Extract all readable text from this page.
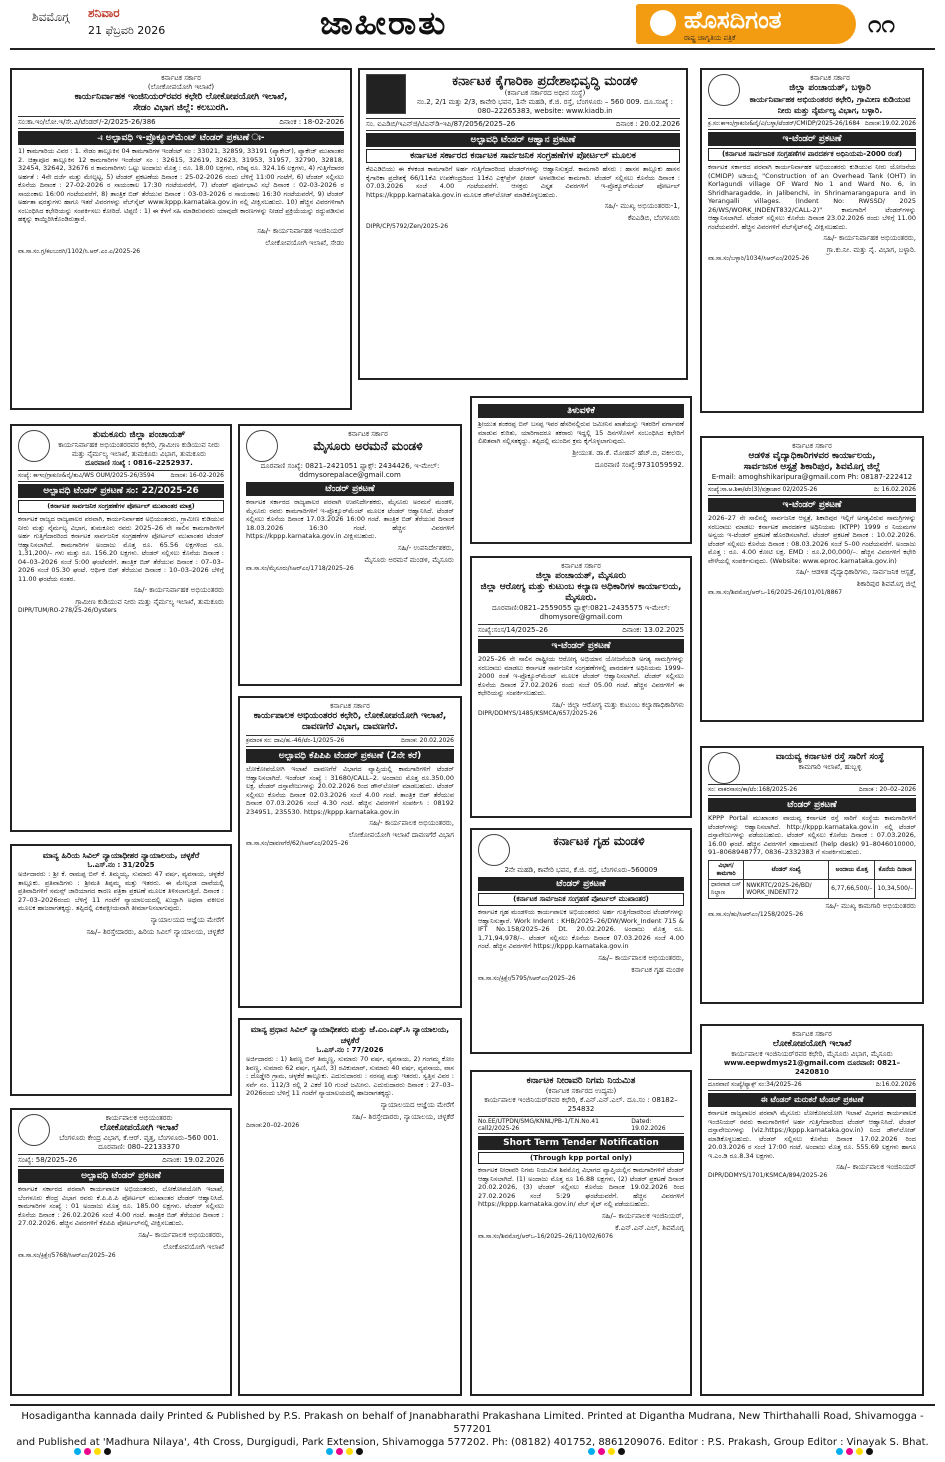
ಶಿವಮೊಗ್ಗ ಶನಿವಾರ
21 ಫೆಬ್ರವರಿ 2026	ಜಾಹೀರಾತು	ಹೊಸದಿಗಂತ
ರಾಷ್ಟ್ರ ಜಾಗೃತಿಯ ಪತ್ರಿಕೆ	೧೧
ಕರ್ನಾಟಕ ಸರ್ಕಾರ
(ಲೋಕೋಪಯೋಗಿ ಇಲಾಖೆ)
ಕಾರ್ಯನಿರ್ವಾಹಕ ಇಂಜಿನಿಯರ್‌ರವರ ಕಛೇರಿ ಲೋಕೋಪಯೋಗಿ ಇಲಾಖೆ,
ಸೇಡಂ ವಿಭಾಗ ಜಿಲ್ಲೆ: ಕಲಬುರಗಿ.
ಸಂ:ಕಾ.ಇಂ/ಲೋ.ಇ/ಸೇ.ವಿ/ಟೆಂಡರ್/‌-2/2025-26/386	ದಿನಾಂಕ : 18-02-2026
-ಃ ಅಲ್ಪಾವಧಿ ಇ-ಪ್ರೊಕ್ಯೂರ್‌ಮೆಂಟ್ ಟೆಂಡರ್ ಪ್ರಕಟಣೆ ಃ-
1) ಕಾಮಗಾರಿಯ ವಿವರ : 1. ಸೇಡಂ ತಾಲ್ಲೂಕಿನ 04 ಕಾಮಗಾರಿಗಳ ಇಂಡೆಂಟ್ ಸಂ : 33021, 32859, 33191 (ಪ್ಯಾಕೇಜ್), ಪ್ಯಾಕೇಜ್ ಮುಖಾಂತರ 2. ಚಿತ್ತಾಪೂರ ತಾಲ್ಲೂಕಿನ 12 ಕಾಮಗಾರಿಗಳ ಇಂಡೆಂಟ್ ಸಂ : 32615, 32619, 32623, 31953, 31957, 32790, 32818, 32454, 32642, 32676 ರ ಕಾಮಗಾರಿಗಳು ಒಟ್ಟು ಅಂದಾಜು ಮೊತ್ತ : ರೂ. 18.00 ಲಕ್ಷಗಳು, ಗರಿಷ್ಠ ರೂ. 324.16 ಲಕ್ಷಗಳು, 4) ಗುತ್ತಿಗೆದಾರರ ಅರ್ಹತೆ : 4ನೇ ದರ್ಜೆ ಮತ್ತು ಮೇಲ್ಪಟ್ಟ, 5) ಟೆಂಡರ್ ಪ್ರಕಟಣೆಯ ದಿನಾಂಕ : 25-02-2026 ರಂದು ಬೆಳಿಗ್ಗೆ 11:00 ಗಂಟೆಗೆ, 6) ಟೆಂಡರ್ ಸಲ್ಲಿಸಲು ಕೊನೆಯ ದಿನಾಂಕ : 27-02-2026 ರ ಸಾಯಂಕಾಲ 17:30 ಗಂಟೆಯವರೆಗೆ, 7) ಟೆಂಡರ್ ಪೂರ್ವಭಾವಿ ಸಭೆ ದಿನಾಂಕ : 02-03-2026 ರ ಸಾಯಂಕಾಲ 16:00 ಗಂಟೆಯವರೆಗೆ, 8) ತಾಂತ್ರಿಕ ಬಿಡ್ ತೆರೆಯುವ ದಿನಾಂಕ : 03-03-2026 ರ ಸಾಯಂಕಾಲ 16:30 ಗಂಟೆಯವರೆಗೆ, 9) ಟೆಂಡರ್ ಅರ್ಹತಾ ಷರತ್ತುಗಳು ಹಾಗೂ ಇತರೆ ವಿವರಗಳನ್ನು ವೆಬ್‌ಸೈಟ್ www.kppp.karnataka.gov.in ನಲ್ಲಿ ವೀಕ್ಷಿಸಬಹುದು. 10) ಹೆಚ್ಚಿನ ವಿವರಗಳಿಗಾಗಿ ಸಂಬಂಧಿಸಿದ ಕಛೇರಿಯನ್ನು ಸಂಪರ್ಕಿಸಲು ಕೋರಿದೆ. ಟಿಪ್ಪಣಿ : 1) ಈ ಕೆಳಗೆ ಸಹಿ ಮಾಡಿರುವವರು ಯಾವುದೇ ಕಾರಣಗಳನ್ನು ನೀಡದೆ ಪ್ರಕ್ರಿಯೆಯನ್ನು ರದ್ದುಪಡಿಸುವ ಹಕ್ಕನ್ನು ಕಾಯ್ದಿರಿಸಿಕೊಂಡಿರುತ್ತಾರೆ.
ಸಹಿ/- ಕಾರ್ಯನಿರ್ವಾಹಕ ಇಂಜಿನಿಯರ್
ಲೋಕೋಪಯೋಗಿ ಇಲಾಖೆ, ಸೇಡಂ
ವಾ.ಸಾ.ಸಂ.ಗ್ರ/ಕಲಬುರಗಿ/1102/ಸಿ.ಆರ್.ಎಂ.ಎ/2025-26
ಕರ್ನಾಟಕ ಕೈಗಾರಿಕಾ ಪ್ರದೇಶಾಭಿವೃದ್ಧಿ ಮಂಡಳಿ
(ಕರ್ನಾಟಕ ಸರ್ಕಾರದ ಅಧೀನ ಸಂಸ್ಥೆ)
ನಂ.2, 2/1 ಮತ್ತು 2/3, ಕಾವೇರಿ ಭವನ, 1ನೇ ಮಹಡಿ, ಕೆ.ಜಿ. ರಸ್ತೆ, ಬೆಂಗಳೂರು – 560 009. ದೂ.ಸಂಖ್ಯೆ : 080–22265383, website: www.kiadb.in
ಸಂ. ಐಎಡಿಬಿ/ಇಎನ್‌ಜಿ/ಟಿಎನ್‌ಡಿ-ಇಪಿ/87/2056/2025–26	ದಿನಾಂಕ : 20.02.2026
ಅಲ್ಪಾವಧಿ ಟೆಂಡರ್ ಆಹ್ವಾನ ಪ್ರಕಟಣೆ
ಕರ್ನಾಟಕ ಸರ್ಕಾರದ ಕರ್ನಾಟಕ ಸಾರ್ವಜನಿಕ ಸಂಗ್ರಹಣೆಗಳ ಪೋರ್ಟಲ್ ಮೂಲಕ
ಕೆಐಎಡಿಬಿಯು ಈ ಕೆಳಕಂಡ ಕಾಮಗಾರಿಗೆ ಅರ್ಹ ಗುತ್ತಿಗೆದಾರರಿಂದ ಟೆಂಡರ್‌ಗಳನ್ನು ಆಹ್ವಾನಿಸುತ್ತದೆ. ಕಾಮಗಾರಿ ಹೆಸರು : ಹಾಸನ ತಾಲ್ಲೂಕು ಹಾಸನ ಕೈಗಾರಿಕಾ ಪ್ರದೇಶಕ್ಕೆ 66/11ಕೆವಿ ಉಪಕೇಂದ್ರದಿಂದ 11ಕೆವಿ ಎಕ್ಸ್‌ಪ್ರೆಸ್ ಫೀಡರ್ ಅಳವಡಿಸುವ ಕಾಮಗಾರಿ. ಟೆಂಡರ್ ಸಲ್ಲಿಸಲು ಕೊನೆಯ ದಿನಾಂಕ : 07.03.2026 ಸಂಜೆ 4.00 ಗಂಟೆಯವರೆಗೆ. ಆಸಕ್ತರು ವಿಸ್ತೃತ ವಿವರಗಳಿಗೆ ಇ-ಪ್ರೊಕ್ಯೂರ್‌ಮೆಂಟ್ ಪೋರ್ಟಲ್ https://kppp.karnataka.gov.in ಮೂಲಕ ಡೌನ್‌ಲೋಡ್ ಮಾಡಿಕೊಳ್ಳಬಹುದು.
ಸಹಿ/- ಮುಖ್ಯ ಅಭಿಯಂತರರು-1,
ಕೆಐಎಡಿಬಿ, ಬೆಂಗಳೂರು
DIPR/CP/5792/Zen/2025-26
ಕರ್ನಾಟಕ ಸರ್ಕಾರ
ಜಿಲ್ಲಾ ಪಂಚಾಯತ್, ಬಳ್ಳಾರಿ
ಕಾರ್ಯನಿರ್ವಾಹಕ ಅಭಿಯಂತರರ ಕಛೇರಿ, ಗ್ರಾಮೀಣ ಕುಡಿಯುವ ನೀರು ಮತ್ತು ನೈರ್ಮಲ್ಯ ವಿಭಾಗ, ಬಳ್ಳಾರಿ.
ಕ್ರ.ಸಂ:ಕಾಇಂ/ಗ್ರಾಕುನೀ&ನೈ/ವಿ/ಬಳ್ಳಾ/ಟೆಂಡರ್/CMIDP/2025-26/1684 ದಿನಾಂಕ:19.02.2026
ಇ-ಟೆಂಡರ್ ಪ್ರಕಟಣೆ
(ಕರ್ನಾಟಕ ಸಾರ್ವಜನಿಕ ಸಂಗ್ರಹಣೆಗಳ ಪಾರದರ್ಶಕ ಅಧಿನಿಯಮ-2000 ರಂತೆ)
ಕರ್ನಾಟಕ ಸರ್ಕಾರದ ಪರವಾಗಿ ಕಾರ್ಯನಿರ್ವಾಹಕ ಅಭಿಯಂತರರು ಕುಡಿಯುವ ನೀರು ಯೋಜನೆಯ (CMIDP) ಅಡಿಯಲ್ಲಿ "Construction of an Overhead Tank (OHT) in Korlagundi village OF Ward No 1 and Ward No. 6, in Shridharagadde, in Jalibenchi, in Shrinamarangapura and in Yerangalli villages. (Indent No: RWSSD/ 2025 26/WS/WORK_INDENT832/CALL-2)" ಕಾಮಗಾರಿಗೆ ಟೆಂಡರ್‌ಗಳನ್ನು ಆಹ್ವಾನಿಸಲಾಗಿದೆ. ಟೆಂಡರ್ ಸಲ್ಲಿಸಲು ಕೊನೆಯ ದಿನಾಂಕ 23.02.2026 ರಂದು ಬೆಳಿಗ್ಗೆ 11.00 ಗಂಟೆಯವರೆಗೆ. ಹೆಚ್ಚಿನ ವಿವರಗಳಿಗೆ ವೆಬ್‌ಸೈಟ್‌ನಲ್ಲಿ ವೀಕ್ಷಿಸಬಹುದು.
ಸಹಿ/- ಕಾರ್ಯನಿರ್ವಾಹಕ ಅಭಿಯಂತರರು,
ಗ್ರಾ.ಕು.ನೀ. ಮತ್ತು ನೈ. ವಿಭಾಗ, ಬಳ್ಳಾರಿ.
ವಾ.ಸಾ.ಸಂ/ಬಳ್ಳಾರಿ/1034/ಸಿಆರ್‌ಎಂ/2025-26
ತುಮಕೂರು ಜಿಲ್ಲಾ ಪಂಚಾಯತ್
ಕಾರ್ಯನಿರ್ವಾಹಕ ಅಭಿಯಂತರರವರ ಕಛೇರಿ, ಗ್ರಾಮೀಣ ಕುಡಿಯುವ ನೀರು ಮತ್ತು ನೈರ್ಮಲ್ಯ ಇಲಾಖೆ, ತುಮಕೂರು ವಿಭಾಗ, ತುಮಕೂರು
ದೂರವಾಣಿ ಸಂಖ್ಯೆ : 0816–2252937.
ಸಂಖ್ಯೆ: ಕಾಇಂ/ಗ್ರಾಕುನೀ&ನೈ/ತುವಿ/WS OUM/2025-26/3594	ದಿನಾಂಕ: 16-02-2026
ಅಲ್ಪಾವಧಿ ಟೆಂಡರ್ ಪ್ರಕಟಣೆ ಸಂ: 22/2025-26
(ಕರ್ನಾಟಕ ಸಾರ್ವಜನಿಕ ಸಂಗ್ರಹಣೆಗಳ ಪೋರ್ಟಲ್ ಮುಖಾಂತರ ಮಾತ್ರ)
ಕರ್ನಾಟಕ ರಾಜ್ಯದ ರಾಜ್ಯಪಾಲರ ಪರವಾಗಿ, ಕಾರ್ಯನಿರ್ವಾಹಕ ಅಭಿಯಂತರರು, ಗ್ರಾಮೀಣ ಕುಡಿಯುವ ನೀರು ಮತ್ತು ನೈರ್ಮಲ್ಯ ವಿಭಾಗ, ತುಮಕೂರು ರವರು 2025–26 ನೇ ಸಾಲಿನ ಕಾಮಗಾರಿಗಳಿಗೆ ಅರ್ಹ ಗುತ್ತಿಗೆದಾರರಿಂದ ಕರ್ನಾಟಕ ಸಾರ್ವಜನಿಕ ಸಂಗ್ರಹಣೆಗಳ ಪೋರ್ಟಲ್ ಮುಖಾಂತರ ಟೆಂಡರ್ ಆಹ್ವಾನಿಸಲಾಗಿದೆ. ಕಾಮಗಾರಿಗಳ ಅಂದಾಜು ಮೊತ್ತ ರೂ. 65.56 ಲಕ್ಷಗಳಿಂದ ರೂ. 1,31,200/– ಗಳು ಮತ್ತು ರೂ. 156.20 ಲಕ್ಷಗಳು. ಟೆಂಡರ್ ಸಲ್ಲಿಸಲು ಕೊನೆಯ ದಿನಾಂಕ : 04–03–2026 ಸಂಜೆ 5:00 ಘಂಟೆವರೆಗೆ. ತಾಂತ್ರಿಕ ಬಿಡ್ ತೆರೆಯುವ ದಿನಾಂಕ : 07–03–2026 ಸಂಜೆ 05.30 ಘಂಟೆ. ಆರ್ಥಿಕ ಬಿಡ್ ತೆರೆಯುವ ದಿನಾಂಕ : 10–03–2026 ಬೆಳಿಗ್ಗೆ 11.00 ಘಂಟೆಯ ನಂತರ.
ಸಹಿ/- ಕಾರ್ಯನಿರ್ವಾಹಕ ಅಭಿಯಂತರರು
ಗ್ರಾಮೀಣ ಕುಡಿಯುವ ನೀರು ಮತ್ತು ನೈರ್ಮಲ್ಯ ಇಲಾಖೆ, ತುಮಕೂರು
DIPR/TUM/RO-278/25-26/Oysters
ಕರ್ನಾಟಕ ಸರ್ಕಾರ
ಮೈಸೂರು ಅರಮನೆ ಮಂಡಳಿ
ದೂರವಾಣಿ ಸಂಖ್ಯೆ: 0821–2421051 ಫ್ಯಾಕ್ಸ್: 2434426, ಇ-ಮೇಲ್: ddmysorepalace@gmail.com
ಟೆಂಡರ್ ಪ್ರಕಟಣೆ
ಕರ್ನಾಟಕ ಸರ್ಕಾರದ ರಾಜ್ಯಪಾಲರ ಪರವಾಗಿ ಉಪನಿರ್ದೇಶಕರು, ಮೈಸೂರು ಅರಮನೆ ಮಂಡಳಿ, ಮೈಸೂರು ರವರು ಕಾಮಗಾರಿಗಳಿಗೆ ಇ-ಪ್ರೊಕ್ಯೂರ್‌ಮೆಂಟ್ ಮೂಲಕ ಟೆಂಡರ್ ಆಹ್ವಾನಿಸಿದೆ. ಟೆಂಡರ್ ಸಲ್ಲಿಸಲು ಕೊನೆಯ ದಿನಾಂಕ 17.03.2026 16:00 ಗಂಟೆ. ತಾಂತ್ರಿಕ ಬಿಡ್ ತೆರೆಯುವ ದಿನಾಂಕ 18.03.2026 16:30 ಗಂಟೆ. ಹೆಚ್ಚಿನ ವಿವರಗಳಿಗೆ https://kppp.karnataka.gov.in ವೀಕ್ಷಿಸಬಹುದು.
ಸಹಿ/- ಉಪನಿರ್ದೇಶಕರು,
ಮೈಸೂರು ಅರಮನೆ ಮಂಡಳಿ, ಮೈಸೂರು
ವಾ.ಸಾ.ಸಂ/ಮೈಸೂರು/ಸಿಆರ್‌ಎಂ/1718/2025–26
ತಿಳುವಳಿಕೆ
ಶ್ರೀಯುತ ಶಂಕರಪ್ಪ ಬಿನ್ ಬಸಪ್ಪ ಇವರ ಹೆಸರಿನಲ್ಲಿರುವ ಜಮೀನಿನ ಖಾತೆಯನ್ನು ಇತರರಿಗೆ ವರ್ಗಾವಣೆ ಮಾಡುವ ಕುರಿತು, ಯಾರಿಗಾದರೂ ತಕರಾರು ಇದ್ದಲ್ಲಿ 15 ದಿನಗಳೊಳಗೆ ಸಂಬಂಧಿಸಿದ ಕಛೇರಿಗೆ ಲಿಖಿತವಾಗಿ ಸಲ್ಲಿಸತಕ್ಕದ್ದು. ತಪ್ಪಿದಲ್ಲಿ ಮುಂದಿನ ಕ್ರಮ ಕೈಗೊಳ್ಳಲಾಗುವುದು.
ಶ್ರೀಯುತ. ಡಾ.ಕೆ. ಮೋಹನ್ ಹೆಚ್.ಬಿ, ವಕೀಲರು,
ದೂರವಾಣಿ ಸಂಖ್ಯೆ:9731059592.
ಕರ್ನಾಟಕ ಸರ್ಕಾರ
ಆಡಳಿತ ವೈದ್ಯಾಧಿಕಾರಿಗಳವರ ಕಾರ್ಯಾಲಯ,
ಸಾರ್ವಜನಿಕ ಆಸ್ಪತ್ರೆ ಶಿಕಾರಿಪುರ, ಶಿವಮೊಗ್ಗ ಜಿಲ್ಲೆ
E-mail: amoghshikaripura@gmail.com Ph: 08187-222412
ಸಂಖ್ಯೆ:ಸಾ.ಆ.ಶಿಕಾ/ಟೆಂ(3)/ಪತ್ರಾಜಾರ 02/2025-26	ದಿ: 16.02.2026
ಇ-ಟೆಂಡರ್ ಪ್ರಕಟಣೆ
2026–27 ನೇ ಸಾಲಿನಲ್ಲಿ ಸಾರ್ವಜನಿಕ ಆಸ್ಪತ್ರೆ, ಶಿಕಾರಿಪುರ ಇಲ್ಲಿಗೆ ಅಗತ್ಯವಿರುವ ಸಾಮಗ್ರಿಗಳನ್ನು ಸರಬರಾಜು ಮಾಡಲು ಕರ್ನಾಟಕ ಪಾರದರ್ಶಕ ಅಧಿನಿಯಮ (KTPP) 1999 ರ ನಿಯಮಗಳ ಅನ್ವಯ ಇ-ಟೆಂಡರ್ ಪ್ರಕಟಣೆ ಹೊರಡಿಸಲಾಗಿದೆ. ಟೆಂಡರ್ ಪ್ರಕಟಣೆ ದಿನಾಂಕ : 10.02.2026. ಟೆಂಡರ್ ಸಲ್ಲಿಸಲು ಕೊನೆಯ ದಿನಾಂಕ : 08.03.2026 ಸಂಜೆ 5–00 ಗಂಟೆಯವರೆಗೆ. ಅಂದಾಜು ಮೊತ್ತ : ರೂ. 4.00 ಕೋಟಿ ಲಕ್ಷ. EMD : ರೂ.2,00,000/–. ಹೆಚ್ಚಿನ ವಿವರಗಳಿಗೆ ಕಛೇರಿ ವೇಳೆಯಲ್ಲಿ ಸಂಪರ್ಕಿಸುವುದು. (Website: www.eproc.karnataka.gov.in)
ಸಹಿ/- ಆಡಳಿತ ವೈದ್ಯಾಧಿಕಾರಿಗಳು, ಸಾರ್ವಜನಿಕ ಆಸ್ಪತ್ರೆ,
ಶಿಕಾರಿಪುರ ಶಿವಮೊಗ್ಗ ಜಿಲ್ಲೆ
ವಾ.ಸಾ.ಸಂ/ಶಿವಮೊಗ್ಗ/ಆರ್‌ಒ-16/2025-26/101/01/8867
ಕರ್ನಾಟಕ ಸರ್ಕಾರ
ಕಾರ್ಯಪಾಲಕ ಅಭಿಯಂತರರ ಕಛೇರಿ, ಲೋಕೋಪಯೋಗಿ ಇಲಾಖೆ, ದಾವಣಗೆರೆ ವಿಭಾಗ, ದಾವಣಗೆರೆ.
ಕ್ರಮಾಂಕ ಸಂ: ದಾವಿ/ಹ.-46/ಟೆಂ-1/2025–26	ದಿನಾಂಕ: 20.02.2026
ಅಲ್ಪಾವಧಿ ಕೆಪಿಪಿಪಿ ಟೆಂಡರ್ ಪ್ರಕಟಣೆ (2ನೇ ಕರೆ)
ಲೋಕೋಪಯೋಗಿ ಇಲಾಖೆ ದಾವಣಗೆರೆ ವಿಭಾಗದ ವ್ಯಾಪ್ತಿಯಲ್ಲಿ ಕಾಮಗಾರಿಗಳಿಗೆ ಟೆಂಡರ್ ಆಹ್ವಾನಿಸಲಾಗಿದೆ. ಇಂಡೆಂಟ್ ಸಂಖ್ಯೆ : 31680/CALL–2. ಅಂದಾಜು ಮೊತ್ತ ರೂ.350.00 ಲಕ್ಷ. ಟೆಂಡರ್ ದಸ್ತಾವೇಜುಗಳನ್ನು 20.02.2026 ರಿಂದ ಡೌನ್‌ಲೋಡ್ ಮಾಡಬಹುದು. ಟೆಂಡರ್ ಸಲ್ಲಿಸಲು ಕೊನೆಯ ದಿನಾಂಕ 02.03.2026 ಸಂಜೆ 4.00 ಗಂಟೆ. ತಾಂತ್ರಿಕ ಬಿಡ್ ತೆರೆಯುವ ದಿನಾಂಕ 07.03.2026 ಸಂಜೆ 4.30 ಗಂಟೆ. ಹೆಚ್ಚಿನ ವಿವರಗಳಿಗೆ ಸಂಪರ್ಕಿಸಿ : 08192 234951, 235530. https://kppp.karnataka.gov.in
ಸಹಿ/- ಕಾರ್ಯಪಾಲಕ ಅಭಿಯಂತರರು,
ಲೋಕೋಪಯೋಗಿ ಇಲಾಖೆ ದಾವಣಗೆರೆ ವಿಭಾಗ
ವಾ.ಸಾ.ಸಂ/ದಾವಣಗೆರೆ/62/ಸಿಆರ್‌ಎಂ/2025–26
ಕರ್ನಾಟಕ ಸರ್ಕಾರ
ಜಿಲ್ಲಾ ಪಂಚಾಯತ್, ಮೈಸೂರು
ಜಿಲ್ಲಾ ಆರೋಗ್ಯ ಮತ್ತು ಕುಟುಂಬ ಕಲ್ಯಾಣ ಅಧಿಕಾರಿಗಳ ಕಾರ್ಯಾಲಯ, ಮೈಸೂರು.
ದೂರವಾಣಿ:0821–2559055 ಫ್ಯಾಕ್ಸ್:0821–2435575 ಇ-ಮೇಲ್: dhomysore@gmail.com
ಸಂಖ್ಯೆ:ಸಂಸ/14/2025–26	ದಿನಾಂಕ: 13.02.2025
ಇ-ಟೆಂಡರ್ ಪ್ರಕಟಣೆ
2025–26 ನೇ ಸಾಲಿನ ರಾಷ್ಟ್ರೀಯ ಆರೋಗ್ಯ ಅಭಿಯಾನ ಯೋಜನೆಯಡಿ ಅಗತ್ಯ ಸಾಮಗ್ರಿಗಳನ್ನು ಸರಬರಾಜು ಮಾಡಲು ಕರ್ನಾಟಕ ಸಾರ್ವಜನಿಕ ಸಂಗ್ರಹಣೆಗಳಲ್ಲಿ ಪಾರದರ್ಶಕ ಅಧಿನಿಯಮ 1999–2000 ರಂತೆ ಇ-ಪ್ರೊಕ್ಯೂರ್‌ಮೆಂಟ್ ಮೂಲಕ ಟೆಂಡರ್ ಆಹ್ವಾನಿಸಲಾಗಿದೆ. ಟೆಂಡರ್ ಸಲ್ಲಿಸಲು ಕೊನೆಯ ದಿನಾಂಕ 27.02.2026 ರಂದು ಸಂಜೆ 05.00 ಗಂಟೆ. ಹೆಚ್ಚಿನ ವಿವರಗಳಿಗೆ ಈ ಕಛೇರಿಯನ್ನು ಸಂಪರ್ಕಿಸಬಹುದು.
ಸಹಿ/- ಜಿಲ್ಲಾ ಆರೋಗ್ಯ ಮತ್ತು ಕುಟುಂಬ ಕಲ್ಯಾಣಾಧಿಕಾರಿಗಳು
DIPR/DDMYS/1485/KSMCA/657/2025-26
ವಾಯವ್ಯ ಕರ್ನಾಟಕ ರಸ್ತೆ ಸಾರಿಗೆ ಸಂಸ್ಥೆ
ಕಾಮಗಾರಿ ಇಲಾಖೆ, ಹುಬ್ಬಳ್ಳಿ
ಸಂ: ವಾಕರಸಾಸಂ/ಕಾ/ಟೆಂ:168/2025-26	ದಿನಾಂಕ : 20–02–2026
ಟೆಂಡರ್ ಪ್ರಕಟಣೆ
KPPP Portal ಮುಖಾಂತರ ವಾಯವ್ಯ ಕರ್ನಾಟಕ ರಸ್ತೆ ಸಾರಿಗೆ ಸಂಸ್ಥೆಯ ಕಾಮಗಾರಿಗಳಿಗೆ ಟೆಂಡರ್‌ಗಳನ್ನು ಆಹ್ವಾನಿಸಲಾಗಿದೆ. http://kppp.karnataka.gov.in ನಲ್ಲಿ ಟೆಂಡರ್ ದಸ್ತಾವೇಜುಗಳನ್ನು ಪಡೆಯಬಹುದು. ಟೆಂಡರ್ ಸಲ್ಲಿಸಲು ಕೊನೆಯ ದಿನಾಂಕ : 07.03.2026, 16.00 ಘಂಟೆ. ಹೆಚ್ಚಿನ ವಿವರಗಳಿಗೆ ಸಹಾಯವಾಣಿ (help desk) 91–8046010000, 91–8068948777, 0836–2332383 ಗೆ ಸಂಪರ್ಕಿಸಬಹುದು.
ವಿಭಾಗ/ಕಾಮಗಾರಿ	ಟೆಂಡರ್ ಸಂಖ್ಯೆ	ಅಂದಾಜು ಮೊತ್ತ	ಕೊನೆಯ ದಿನಾಂಕ
ಧಾರವಾಡ ಬಸ್ ನಿಲ್ದಾಣ	NWKRTC/2025-26/BD/ WORK_INDENT72	6,77,66,500/–	10,34,500/–
ಸಹಿ/- ಮುಖ್ಯ ಕಾಮಗಾರಿ ಅಭಿಯಂತರರು
ವಾ.ಸಾ.ಸಂ/ಹು/ಸಿಆರ್‌ಎಂ/1258/2025–26
ಮಾನ್ಯ ಹಿರಿಯ ಸಿವಿಲ್ ನ್ಯಾಯಾಧೀಶರ ನ್ಯಾಯಾಲಯ, ಚಳ್ಳಕೆರೆ
ಓ.ಎಸ್.ನಂ : 31/2025
ಅರ್ಜಿದಾರರು : ಶ್ರೀ ಕೆ. ರಾಮಪ್ಪ ಬಿನ್ ಕೆ. ತಿಮ್ಮಯ್ಯ, ಸುಮಾರು 47 ವರ್ಷ, ವ್ಯವಸಾಯ, ಚಳ್ಳಕೆರೆ ತಾಲ್ಲೂಕು. ಪ್ರತಿವಾದಿಗಳು : ಶ್ರೀಮತಿ ತಿಪ್ಪಮ್ಮ ಮತ್ತು ಇತರರು. ಈ ಮೇಲ್ಕಂಡ ದಾವೆಯಲ್ಲಿ ಪ್ರತಿವಾದಿಗಳಿಗೆ ಸಮನ್ಸ್ ಜಾರಿಯಾಗದ ಕಾರಣ ಪತ್ರಿಕಾ ಪ್ರಕಟಣೆ ಮೂಲಕ ತಿಳಿಸಲಾಗುತ್ತಿದೆ. ದಿನಾಂಕ : 27–03–2026ರಂದು ಬೆಳಿಗ್ಗೆ 11 ಗಂಟೆಗೆ ನ್ಯಾಯಾಲಯದಲ್ಲಿ ಖುದ್ದಾಗಿ ಅಥವಾ ವಕೀಲರ ಮೂಲಕ ಹಾಜರಾಗತಕ್ಕದ್ದು. ತಪ್ಪಿದಲ್ಲಿ ಏಕಪಕ್ಷೀಯವಾಗಿ ತೀರ್ಮಾನಿಸಲಾಗುವುದು.
ನ್ಯಾಯಾಲಯದ ಆಜ್ಞೆಯ ಮೇರೆಗೆ
ಸಹಿ/– ಶಿರಸ್ತೇದಾರರು, ಹಿರಿಯ ಸಿವಿಲ್ ನ್ಯಾಯಾಲಯ, ಚಳ್ಳಕೆರೆ
ಕರ್ನಾಟಕ ಗೃಹ ಮಂಡಳಿ
2ನೇ ಮಹಡಿ, ಕಾವೇರಿ ಭವನ, ಕೆ.ಜಿ. ರಸ್ತೆ, ಬೆಂಗಳೂರು–560009
ಟೆಂಡರ್ ಪ್ರಕಟಣೆ
(ಕರ್ನಾಟಕ ಸಾರ್ವಜನಿಕ ಸಂಗ್ರಹಣೆ ಪೋರ್ಟಲ್ ಮುಖಾಂತರ)
ಕರ್ನಾಟಕ ಗೃಹ ಮಂಡಳಿಯ ಕಾರ್ಯಪಾಲಕ ಅಭಿಯಂತರರು ಅರ್ಹ ಗುತ್ತಿಗೆದಾರರಿಂದ ಟೆಂಡರ್‌ಗಳನ್ನು ಆಹ್ವಾನಿಸುತ್ತಾರೆ. Work Indent : KHB/2025–26/DW/Work_Indent 715 & IFT No.158/2025–26 Dt. 20.02.2026. ಅಂದಾಜು ಮೊತ್ತ ರೂ. 1,71,94,978/–. ಟೆಂಡರ್ ಸಲ್ಲಿಸಲು ಕೊನೆಯ ದಿನಾಂಕ 07.03.2026 ಸಂಜೆ 4.00 ಗಂಟೆ. ಹೆಚ್ಚಿನ ವಿವರಗಳಿಗೆ https://kppp.karnataka.gov.in
ಸಹಿ/– ಕಾರ್ಯಪಾಲಕ ಅಭಿಯಂತರರು,
ಕರ್ನಾಟಕ ಗೃಹ ಮಂಡಳಿ
ವಾ.ಸಾ.ಸಂ/ಕ್ರಿಕ್ಷೇ/5795/ಸಿಆರ್‌ಎಂ/2025–26
ಮಾನ್ಯ ಪ್ರಧಾನ ಸಿವಿಲ್ ನ್ಯಾಯಾಧೀಶರು ಮತ್ತು ಜೆ.ಎಂ.ಎಫ್.ಸಿ ನ್ಯಾಯಾಲಯ, ಚಳ್ಳಕೆರೆ
ಓ.ಎಸ್.ನಂ : 77/2026
ಅರ್ಜಿದಾರರು : 1) ಶಿವಣ್ಣ ಬಿನ್ ತಿಮ್ಮಣ್ಣ, ಸುಮಾರು 70 ವರ್ಷ, ವ್ಯವಸಾಯ, 2) ಗಂಗಮ್ಮ ಕೋಂ ಶಿವಣ್ಣ, ಸುಮಾರು 62 ವರ್ಷ, ಗೃಹಿಣಿ, 3) ರವಿಕುಮಾರ್, ಸುಮಾರು 40 ವರ್ಷ, ವ್ಯವಸಾಯ, ವಾಸ : ದೊಡ್ಡೇರಿ ಗ್ರಾಮ, ಚಳ್ಳಕೆರೆ ತಾಲ್ಲೂಕು. ಎದುರುದಾರರು : ನರಸಪ್ಪ ಮತ್ತು ಇತರರು. ಸ್ವತ್ತಿನ ವಿವರ : ಸರ್ವೆ ನಂ. 112/3 ರಲ್ಲಿ 2 ಎಕರೆ 10 ಗುಂಟೆ ಜಮೀನು. ಎದುರುದಾರರು ದಿನಾಂಕ : 27–03–2026ರಂದು ಬೆಳಿಗ್ಗೆ 11 ಗಂಟೆಗೆ ನ್ಯಾಯಾಲಯದಲ್ಲಿ ಹಾಜರಾಗತಕ್ಕದ್ದು.
ನ್ಯಾಯಾಲಯದ ಆಜ್ಞೆಯ ಮೇರೆಗೆ
ಸಹಿ/– ಶಿರಸ್ತೇದಾರರು, ನ್ಯಾಯಾಲಯ, ಚಳ್ಳಕೆರೆ
ದಿನಾಂಕ:20–02–2026
ಕರ್ನಾಟಕ ಸರ್ಕಾರ
ಲೋಕೋಪಯೋಗಿ ಇಲಾಖೆ
ಕಾರ್ಯಪಾಲಕ ಇಂಜಿನಿಯರ್‌ರವರ ಕಛೇರಿ, ಮೈಸೂರು ವಿಭಾಗ, ಮೈಸೂರು
www.eepwdmys21@gmail.com ದೂರವಾಣಿ: 0821–2420810
ದೂರವಾಣಿ ಸಂಖ್ಯೆ/ಫ್ಯಾಕ್ಸ್ ಸಂ:34/2025–26	ದಿ:16.02.2026
ಈ ಟೆಂಡರ್ ಮರುಕರೆ ಟೆಂಡರ್ ಪ್ರಕಟಣೆ
ಕರ್ನಾಟಕ ರಾಜ್ಯಪಾಲರ ಪರವಾಗಿ ಮೈಸೂರು ಲೋಕೋಪಯೋಗಿ ಇಲಾಖೆ ವಿಭಾಗದ ಕಾರ್ಯಪಾಲಕ ಇಂಜಿನಿಯರ್ ರವರು ಕಾಮಗಾರಿಗಳಿಗೆ ಅರ್ಹ ಗುತ್ತಿಗೆದಾರರಿಂದ ಟೆಂಡರ್ ಆಹ್ವಾನಿಸಿದೆ. ಟೆಂಡರ್ ದಸ್ತಾವೇಜುಗಳನ್ನು (viz.https://kppp.karnataka.gov.in) ನಿಂದ ಡೌನ್‌ಲೋಡ್ ಮಾಡಿಕೊಳ್ಳಬಹುದು. ಟೆಂಡರ್ ಸಲ್ಲಿಸಲು ಕೊನೆಯ ದಿನಾಂಕ 17.02.2026 ರಿಂದ 20.03.2026 ರ ಸಂಜೆ 17:00 ಗಂಟೆ. ಅಂದಾಜು ಮೊತ್ತ ರೂ. 555.69 ಲಕ್ಷಗಳು ಹಾಗೂ ಇ.ಎಂ.ಡಿ ರೂ.8.34 ಲಕ್ಷಗಳು.
ಸಹಿ/– ಕಾರ್ಯಪಾಲಕ ಇಂಜಿನಿಯರ್
DIPR/DDMYS/1701/KSMCA/894/2025-26
ಕಾರ್ಯಪಾಲಕ ಅಭಿಯಂತರರು
ಲೋಕೋಪಯೋಗಿ ಇಲಾಖೆ
ಬೆಂಗಳೂರು ಕೇಂದ್ರ ವಿಭಾಗ, ಕೆ.ಆರ್. ವೃತ್ತ, ಬೆಂಗಳೂರು–560 001. ದೂರವಾಣಿ: 080–22133370
ಸಂಖ್ಯೆ: 58/2025–26	ದಿನಾಂಕ: 19.02.2026
ಅಲ್ಪಾವಧಿ ಟೆಂಡರ್ ಪ್ರಕಟಣೆ
ಕರ್ನಾಟಕ ಸರ್ಕಾರದ ಪರವಾಗಿ ಕಾರ್ಯಪಾಲಕ ಅಭಿಯಂತರರು, ಲೋಕೋಪಯೋಗಿ ಇಲಾಖೆ, ಬೆಂಗಳೂರು ಕೇಂದ್ರ ವಿಭಾಗ ರವರು ಕೆ.ಪಿ.ಪಿ.ಪಿ ಪೋರ್ಟಲ್ ಮುಖಾಂತರ ಟೆಂಡರ್ ಆಹ್ವಾನಿಸಿದೆ. ಕಾಮಗಾರಿಗಳ ಸಂಖ್ಯೆ : 01 ಅಂದಾಜು ಮೊತ್ತ ರೂ. 185.00 ಲಕ್ಷಗಳು. ಟೆಂಡರ್ ಸಲ್ಲಿಸಲು ಕೊನೆಯ ದಿನಾಂಕ : 26.02.2026 ಸಂಜೆ 4.00 ಗಂಟೆ. ತಾಂತ್ರಿಕ ಬಿಡ್ ತೆರೆಯುವ ದಿನಾಂಕ : 27.02.2026. ಹೆಚ್ಚಿನ ವಿವರಗಳಿಗೆ ಕೆಪಿಪಿಪಿ ಪೋರ್ಟಲ್‌ನಲ್ಲಿ ವೀಕ್ಷಿಸಬಹುದು.
ಸಹಿ/– ಕಾರ್ಯಪಾಲಕ ಅಭಿಯಂತರರು,
ಲೋಕೋಪಯೋಗಿ ಇಲಾಖೆ
ವಾ.ಸಾ.ಸಂ/ಕ್ರಿಕ್ಷೇ/5768/ಸಿಆರ್‌ಎಂ/2025–26
ಕರ್ನಾಟಕ ನೀರಾವರಿ ನಿಗಮ ನಿಯಮಿತ
(ಕರ್ನಾಟಕ ಸರ್ಕಾರದ ಉದ್ಯಮ)
ಕಾರ್ಯಪಾಲಕ ಇಂಜಿನಿಯರ್‌ರವರ ಕಛೇರಿ, ಕೆ.ಎನ್.ಎನ್.ಎಲ್. ದೂ.ಸಂ : 08182–254832
No.EE/UTPDN/SMG/KNNL/PB-1/T.N.No.41 call2/2025-26
Dated: 19.02.2026
Short Term Tender Notification
(Through kpp portal only)
ಕರ್ನಾಟಕ ನೀರಾವರಿ ನಿಗಮ ನಿಯಮಿತ ಶಿವಮೊಗ್ಗ ವಿಭಾಗದ ವ್ಯಾಪ್ತಿಯಲ್ಲಿನ ಕಾಮಗಾರಿಗಳಿಗೆ ಟೆಂಡರ್ ಆಹ್ವಾನಿಸಲಾಗಿದೆ. (1) ಅಂದಾಜು ಮೊತ್ತ ರೂ 16.88 ಲಕ್ಷಗಳು, (2) ಟೆಂಡರ್ ಪ್ರಕಟಣೆ ದಿನಾಂಕ 20.02.2026, (3) ಟೆಂಡರ್ ಸಲ್ಲಿಸಲು ಕೊನೆಯ ದಿನಾಂಕ 19.02.2026 ರಿಂದ 27.02.2026 ಸಂಜೆ 5:29 ಘಂಟೆಯವರೆಗೆ. ಹೆಚ್ಚಿನ ವಿವರಗಳಿಗೆ https://kppp.karnataka.gov.in/ ವೆಬ್ ಸೈಟ್ ನಲ್ಲಿ ಪಡೆಯಬಹುದು.
ಸಹಿ/– ಕಾರ್ಯಪಾಲಕ ಇಂಜಿನಿಯರ್,
ಕೆ.ಎನ್.ಎನ್.ಎಲ್, ಶಿವಮೊಗ್ಗ
ವಾ.ಸಾ.ಸಂ/ಶಿವಮೊಗ್ಗ/ಆರ್‌ಒ-16/2025–26/110/02/6076
Hosadigantha kannada daily Printed & Published by P.S. Prakash on behalf of Jnanabharathi Prakashana Limited. Printed at Digantha Mudrana, New Thirthahalli Road, Shivamogga - 577201
and Published at 'Madhura Nilaya', 4th Cross, Durgigudi, Park Extension, Shivamogga 577202. Ph: (08182) 401752, 8861209076. Editor : P.S. Prakash, Group Editor : Vinayak S. Bhat.
